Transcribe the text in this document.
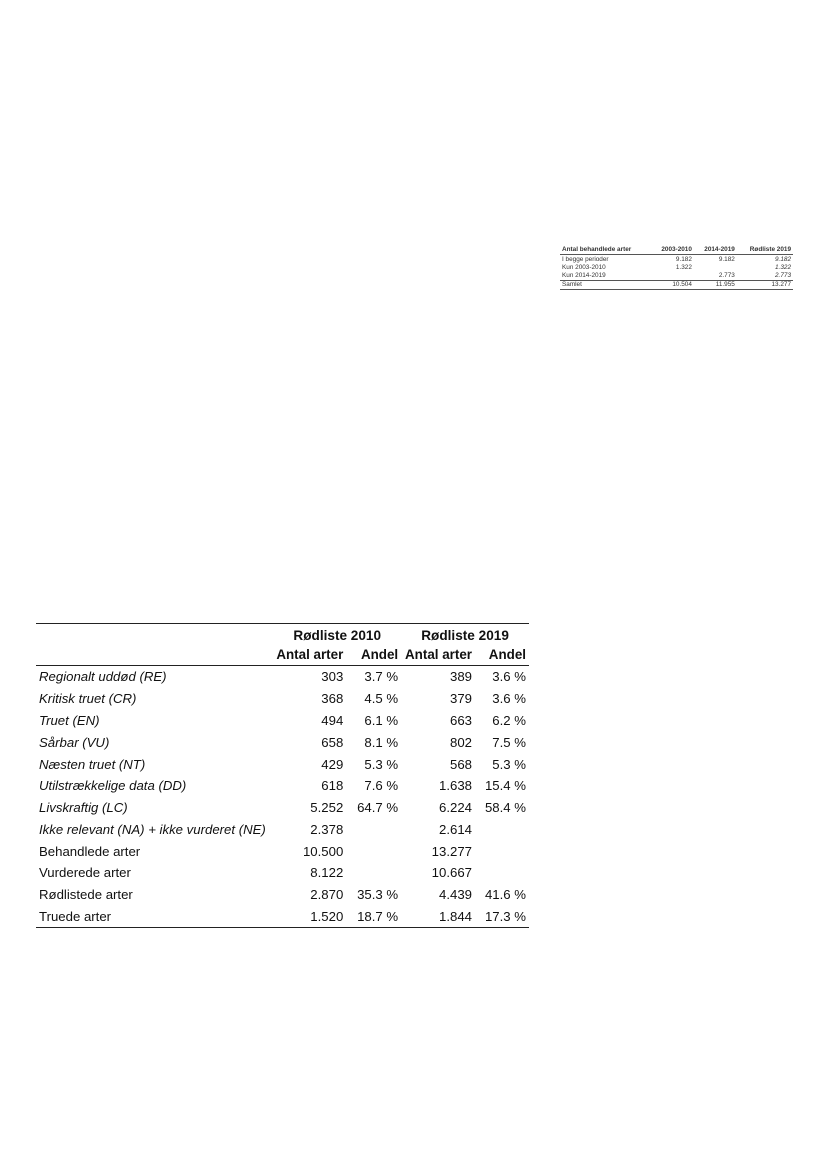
Antal behandlede arter	2003-2010	2014-2019	Rødliste 2019
I begge perioder	9.182	9.182	9.182
Kun 2003-2010	1.322		1.322
Kun 2014-2019		2.773	2.773
Samlet	10.504	11.955	13.277
	Rødliste 2010		Rødliste 2019	
	Antal arter	Andel	Antal arter	Andel
Regionalt uddød (RE)	303	3.7 %	389	3.6 %
Kritisk truet (CR)	368	4.5 %	379	3.6 %
Truet (EN)	494	6.1 %	663	6.2 %
Sårbar (VU)	658	8.1 %	802	7.5 %
Næsten truet (NT)	429	5.3 %	568	5.3 %
Utilstrækkelige data (DD)	618	7.6 %	1.638	15.4 %
Livskraftig (LC)	5.252	64.7 %	6.224	58.4 %
Ikke relevant (NA) + ikke vurderet (NE)	2.378		2.614	
Behandlede arter	10.500		13.277	
Vurderede arter	8.122		10.667	
Rødlistede arter	2.870	35.3 %	4.439	41.6 %
Truede arter	1.520	18.7 %	1.844	17.3 %
